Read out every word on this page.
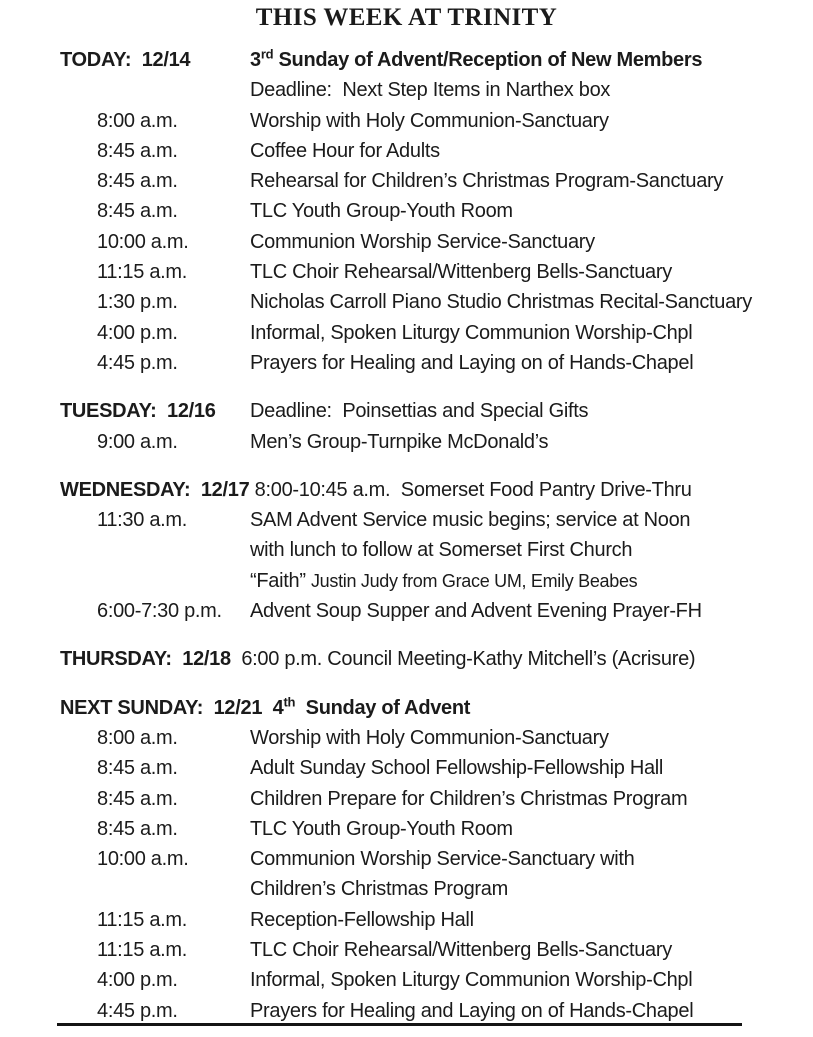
THIS WEEK AT TRINITY
TODAY:  12/14	3rd Sunday of Advent/Reception of New Members
Deadline:  Next Step Items in Narthex box
8:00 a.m.	Worship with Holy Communion-Sanctuary
8:45 a.m.	Coffee Hour for Adults
8:45 a.m.	Rehearsal for Children’s Christmas Program-Sanctuary
8:45 a.m.	TLC Youth Group-Youth Room
10:00 a.m.	Communion Worship Service-Sanctuary
11:15 a.m.	TLC Choir Rehearsal/Wittenberg Bells-Sanctuary
1:30 p.m.	Nicholas Carroll Piano Studio Christmas Recital-Sanctuary
4:00 p.m.	Informal, Spoken Liturgy Communion Worship-Chpl
4:45 p.m.	Prayers for Healing and Laying on of Hands-Chapel
TUESDAY:  12/16	Deadline:  Poinsettias and Special Gifts
9:00 a.m.	Men’s Group-Turnpike McDonald’s
WEDNESDAY:  12/17 8:00-10:45 a.m.  Somerset Food Pantry Drive-Thru
11:30 a.m.	SAM Advent Service music begins; service at Noon
with lunch to follow at Somerset First Church
“Faith” Justin Judy from Grace UM, Emily Beabes
6:00-7:30 p.m.	Advent Soup Supper and Advent Evening Prayer-FH
THURSDAY:  12/18  6:00 p.m. Council Meeting-Kathy Mitchell’s (Acrisure)
NEXT SUNDAY:  12/21  4th  Sunday of Advent
8:00 a.m.	Worship with Holy Communion-Sanctuary
8:45 a.m.	Adult Sunday School Fellowship-Fellowship Hall
8:45 a.m.	Children Prepare for Children’s Christmas Program
8:45 a.m.	TLC Youth Group-Youth Room
10:00 a.m.	Communion Worship Service-Sanctuary with
Children’s Christmas Program
11:15 a.m.	Reception-Fellowship Hall
11:15 a.m.	TLC Choir Rehearsal/Wittenberg Bells-Sanctuary
4:00 p.m.	Informal, Spoken Liturgy Communion Worship-Chpl
4:45 p.m.	Prayers for Healing and Laying on of Hands-Chapel
